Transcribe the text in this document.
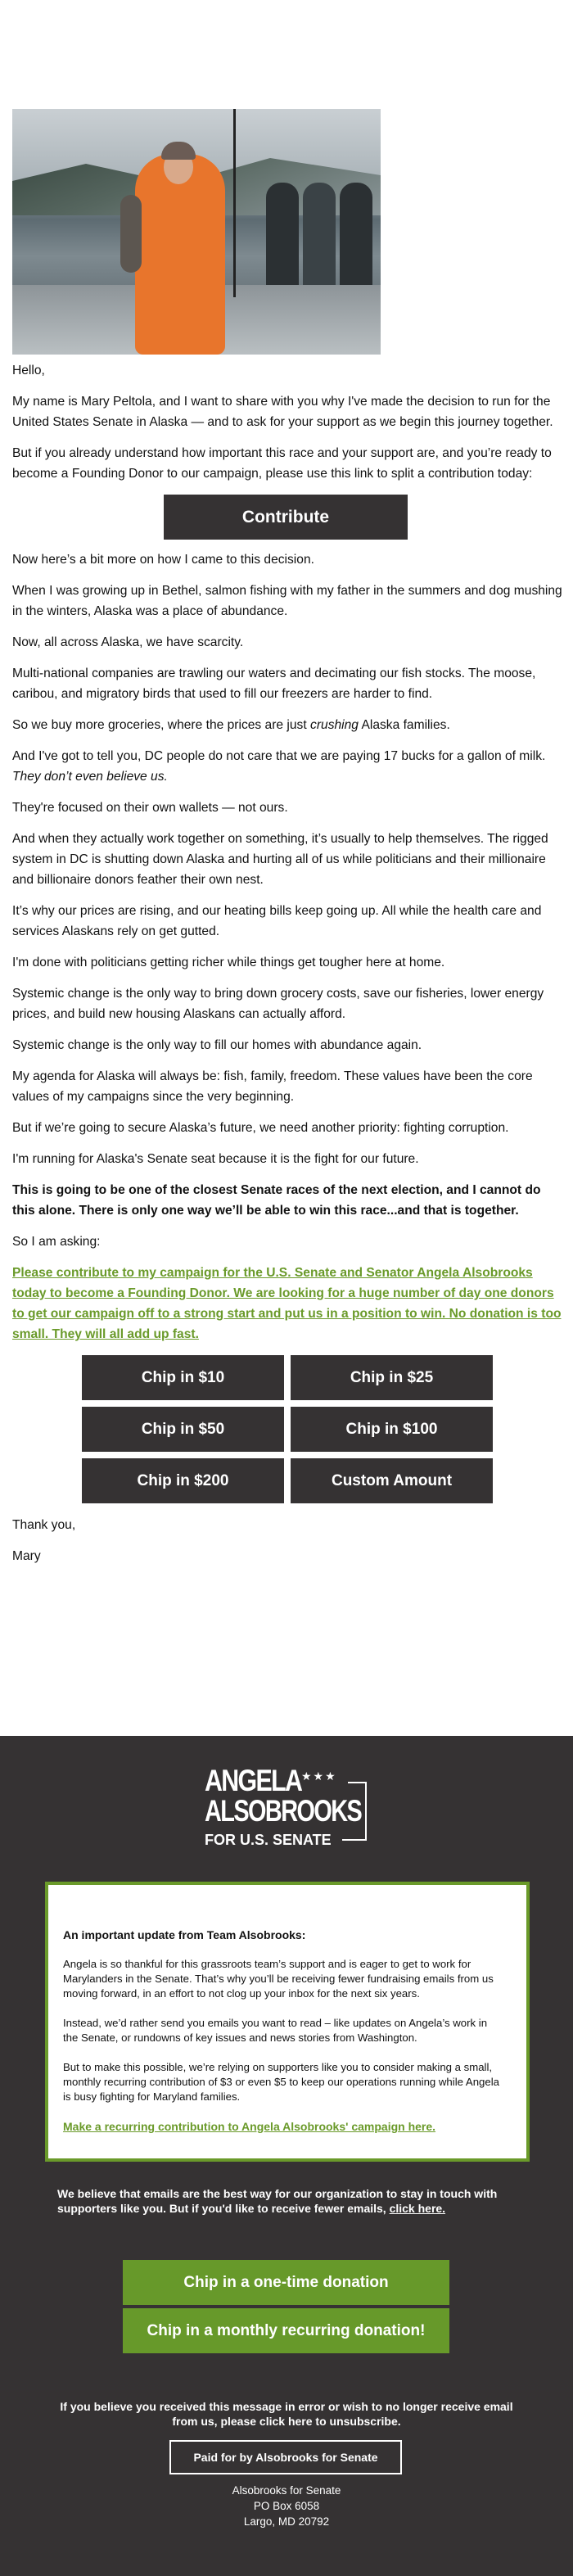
Hello,

My name is Mary Peltola, and I want to share with you why I've made the decision to run for the United States Senate in Alaska — and to ask for your support as we begin this journey together.

But if you already understand how important this race and your support are, and you’re ready to become a Founding Donor to our campaign, please use this link to split a contribution today:

Contribute

Now here’s a bit more on how I came to this decision.

When I was growing up in Bethel, salmon fishing with my father in the summers and dog mushing in the winters, Alaska was a place of abundance.

Now, all across Alaska, we have scarcity.

Multi-national companies are trawling our waters and decimating our fish stocks. The moose, caribou, and migratory birds that used to fill our freezers are harder to find.

So we buy more groceries, where the prices are just crushing Alaska families.

And I've got to tell you, DC people do not care that we are paying 17 bucks for a gallon of milk. They don’t even believe us.

They're focused on their own wallets — not ours.

And when they actually work together on something, it’s usually to help themselves. The rigged system in DC is shutting down Alaska and hurting all of us while politicians and their millionaire and billionaire donors feather their own nest.

It’s why our prices are rising, and our heating bills keep going up. All while the health care and services Alaskans rely on get gutted.

I'm done with politicians getting richer while things get tougher here at home.

Systemic change is the only way to bring down grocery costs, save our fisheries, lower energy prices, and build new housing Alaskans can actually afford.

Systemic change is the only way to fill our homes with abundance again.

My agenda for Alaska will always be: fish, family, freedom. These values have been the core values of my campaigns since the very beginning.

But if we’re going to secure Alaska’s future, we need another priority: fighting corruption.

I'm running for Alaska's Senate seat because it is the fight for our future.

This is going to be one of the closest Senate races of the next election, and I cannot do this alone. There is only one way we’ll be able to win this race...and that is together.

So I am asking:

Please contribute to my campaign for the U.S. Senate and Senator Angela Alsobrooks today to become a Founding Donor. We are looking for a huge number of day one donors to get our campaign off to a strong start and put us in a position to win. No donation is too small. They will all add up fast.

Chip in $10	Chip in $25
Chip in $50	Chip in $100
Chip in $200	Custom Amount

Thank you,

Mary

ANGELA ★★★
ALSOBROOKS
FOR U.S. SENATE
An important update from Team Alsobrooks:

Angela is so thankful for this grassroots team’s support and is eager to get to work for Marylanders in the Senate. That’s why you’ll be receiving fewer fundraising emails from us moving forward, in an effort to not clog up your inbox for the next six years.

Instead, we’d rather send you emails you want to read – like updates on Angela’s work in the Senate, or rundowns of key issues and news stories from Washington.

But to make this possible, we’re relying on supporters like you to consider making a small, monthly recurring contribution of $3 or even $5 to keep our operations running while Angela is busy fighting for Maryland families.

Make a recurring contribution to Angela Alsobrooks' campaign here.
We believe that emails are the best way for our organization to stay in touch with supporters like you. But if you'd like to receive fewer emails, click here.
Chip in a one-time donation
Chip in a monthly recurring donation!
If you believe you received this message in error or wish to no longer receive email from us, please click here to unsubscribe.
Paid for by Alsobrooks for Senate
Alsobrooks for Senate
PO Box 6058
Largo, MD 20792
